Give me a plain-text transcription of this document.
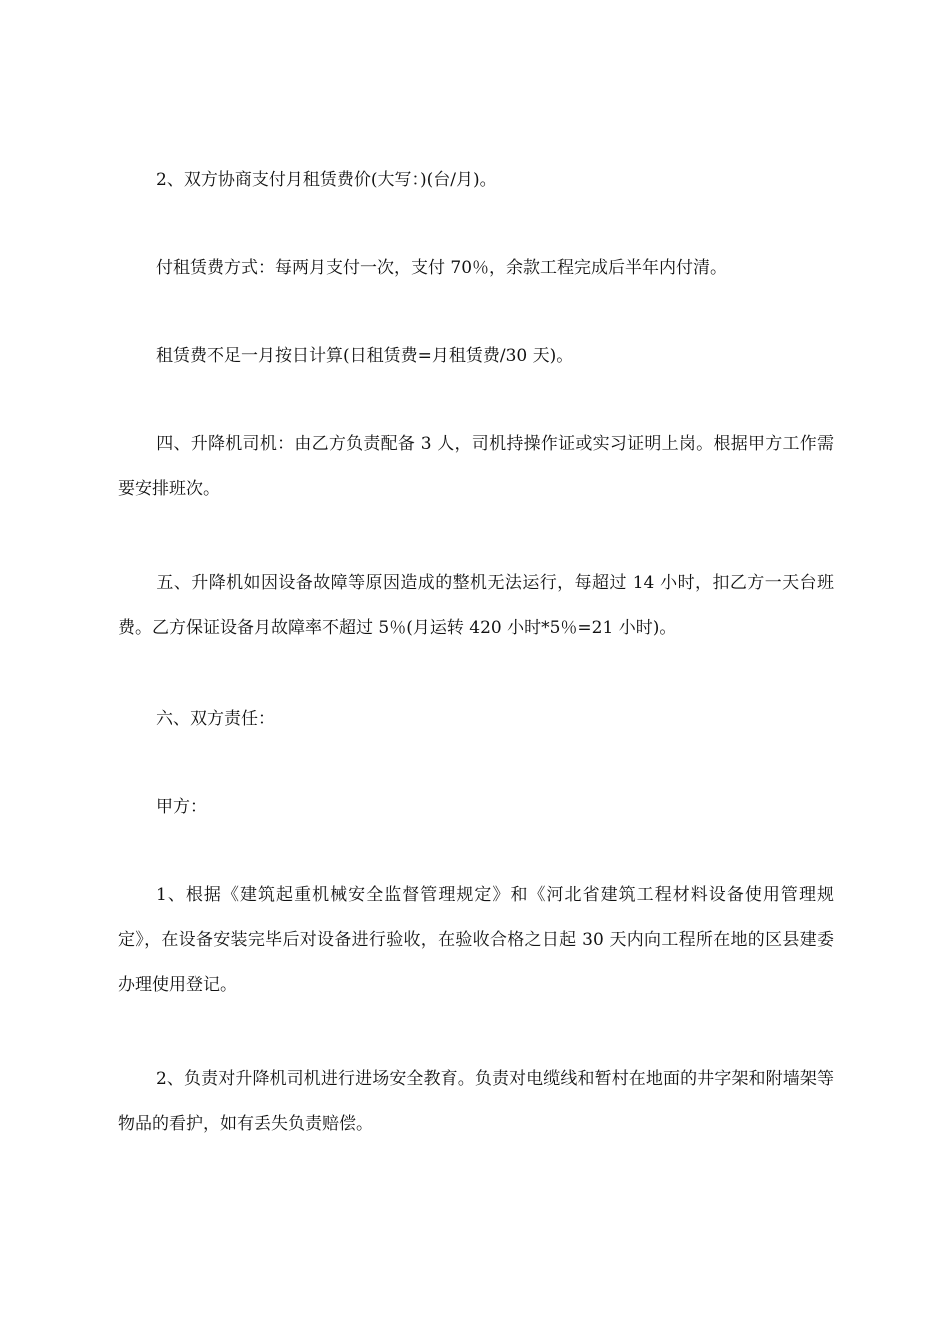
2、双方协商支付月租赁费价(大写：)(台/月)。

付租赁费方式：每两月支付一次，支付 70％，余款工程完成后半年内付清。

租赁费不足一月按日计算(日租赁费=月租赁费/30 天)。

四、升降机司机：由乙方负责配备 3 人，司机持操作证或实习证明上岗。根据甲方工作需要安排班次。

五、升降机如因设备故障等原因造成的整机无法运行，每超过 14 小时，扣乙方一天台班费。乙方保证设备月故障率不超过 5％(月运转 420 小时*5％=21 小时)。

六、双方责任：

甲方：

1、根据《建筑起重机械安全监督管理规定》和《河北省建筑工程材料设备使用管理规定》，在设备安装完毕后对设备进行验收，在验收合格之日起 30 天内向工程所在地的区县建委办理使用登记。

2、负责对升降机司机进行进场安全教育。负责对电缆线和暂村在地面的井字架和附墙架等物品的看护，如有丢失负责赔偿。
